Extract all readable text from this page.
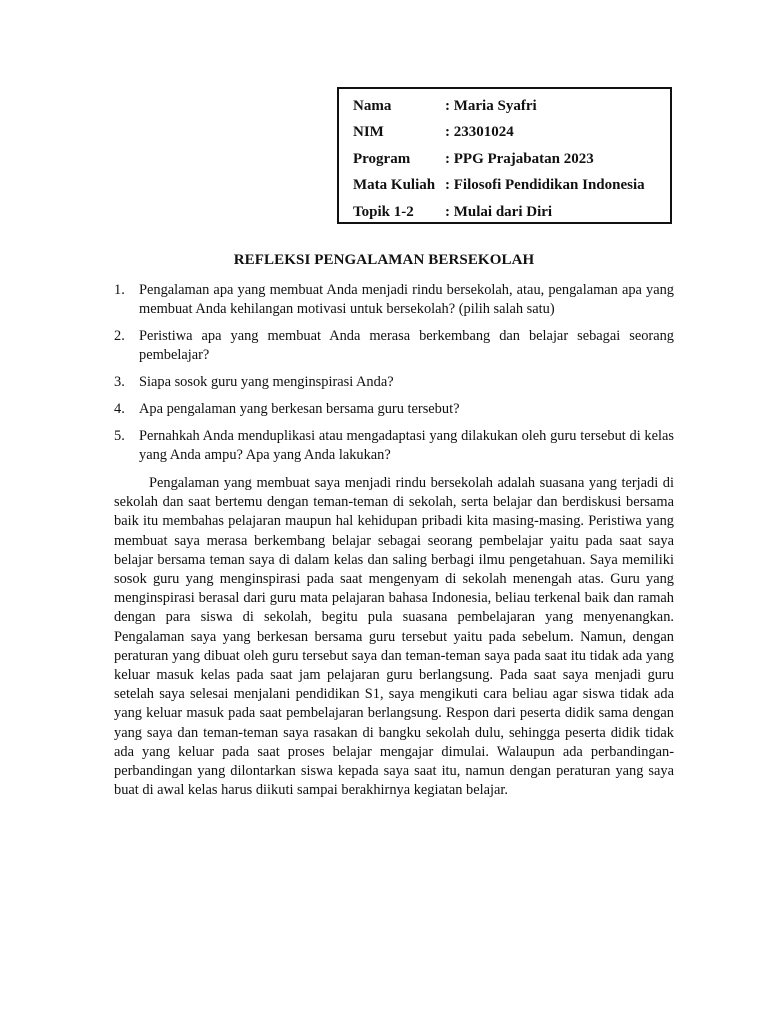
Nama	: Maria Syafri
NIM	: 23301024
Program	: PPG Prajabatan 2023
Mata Kuliah : Filosofi Pendidikan Indonesia
Topik 1-2	: Mulai dari Diri
REFLEKSI PENGALAMAN BERSEKOLAH
1. Pengalaman apa yang membuat Anda menjadi rindu bersekolah, atau, pengalaman apa yang membuat Anda kehilangan motivasi untuk bersekolah? (pilih salah satu)
2. Peristiwa apa yang membuat Anda merasa berkembang dan belajar sebagai seorang pembelajar?
3. Siapa sosok guru yang menginspirasi Anda?
4. Apa pengalaman yang berkesan bersama guru tersebut?
5. Pernahkah Anda menduplikasi atau mengadaptasi yang dilakukan oleh guru tersebut di kelas yang Anda ampu? Apa yang Anda lakukan?

Pengalaman yang membuat saya menjadi rindu bersekolah adalah suasana yang terjadi di sekolah dan saat bertemu dengan teman-teman di sekolah, serta belajar dan berdiskusi bersama baik itu membahas pelajaran maupun hal kehidupan pribadi kita masing-masing. Peristiwa yang membuat saya merasa berkembang belajar sebagai seorang pembelajar yaitu pada saat saya belajar bersama teman saya di dalam kelas dan saling berbagi ilmu pengetahuan. Saya memiliki sosok guru yang menginspirasi pada saat mengenyam di sekolah menengah atas. Guru yang menginspirasi berasal dari guru mata pelajaran bahasa Indonesia, beliau terkenal baik dan ramah dengan para siswa di sekolah, begitu pula suasana pembelajaran yang menyenangkan. Pengalaman saya yang berkesan bersama guru tersebut yaitu pada sebelum. Namun, dengan peraturan yang dibuat oleh guru tersebut saya dan teman-teman saya pada saat itu tidak ada yang keluar masuk kelas pada saat jam pelajaran guru berlangsung. Pada saat saya menjadi guru setelah saya selesai menjalani pendidikan S1, saya mengikuti cara beliau agar siswa tidak ada yang keluar masuk pada saat pembelajaran berlangsung. Respon dari peserta didik sama dengan yang saya dan teman-teman saya rasakan di bangku sekolah dulu, sehingga peserta didik tidak ada yang keluar pada saat proses belajar mengajar dimulai. Walaupun ada perbandingan-perbandingan yang dilontarkan siswa kepada saya saat itu, namun dengan peraturan yang saya buat di awal kelas harus diikuti sampai berakhirnya kegiatan belajar.
